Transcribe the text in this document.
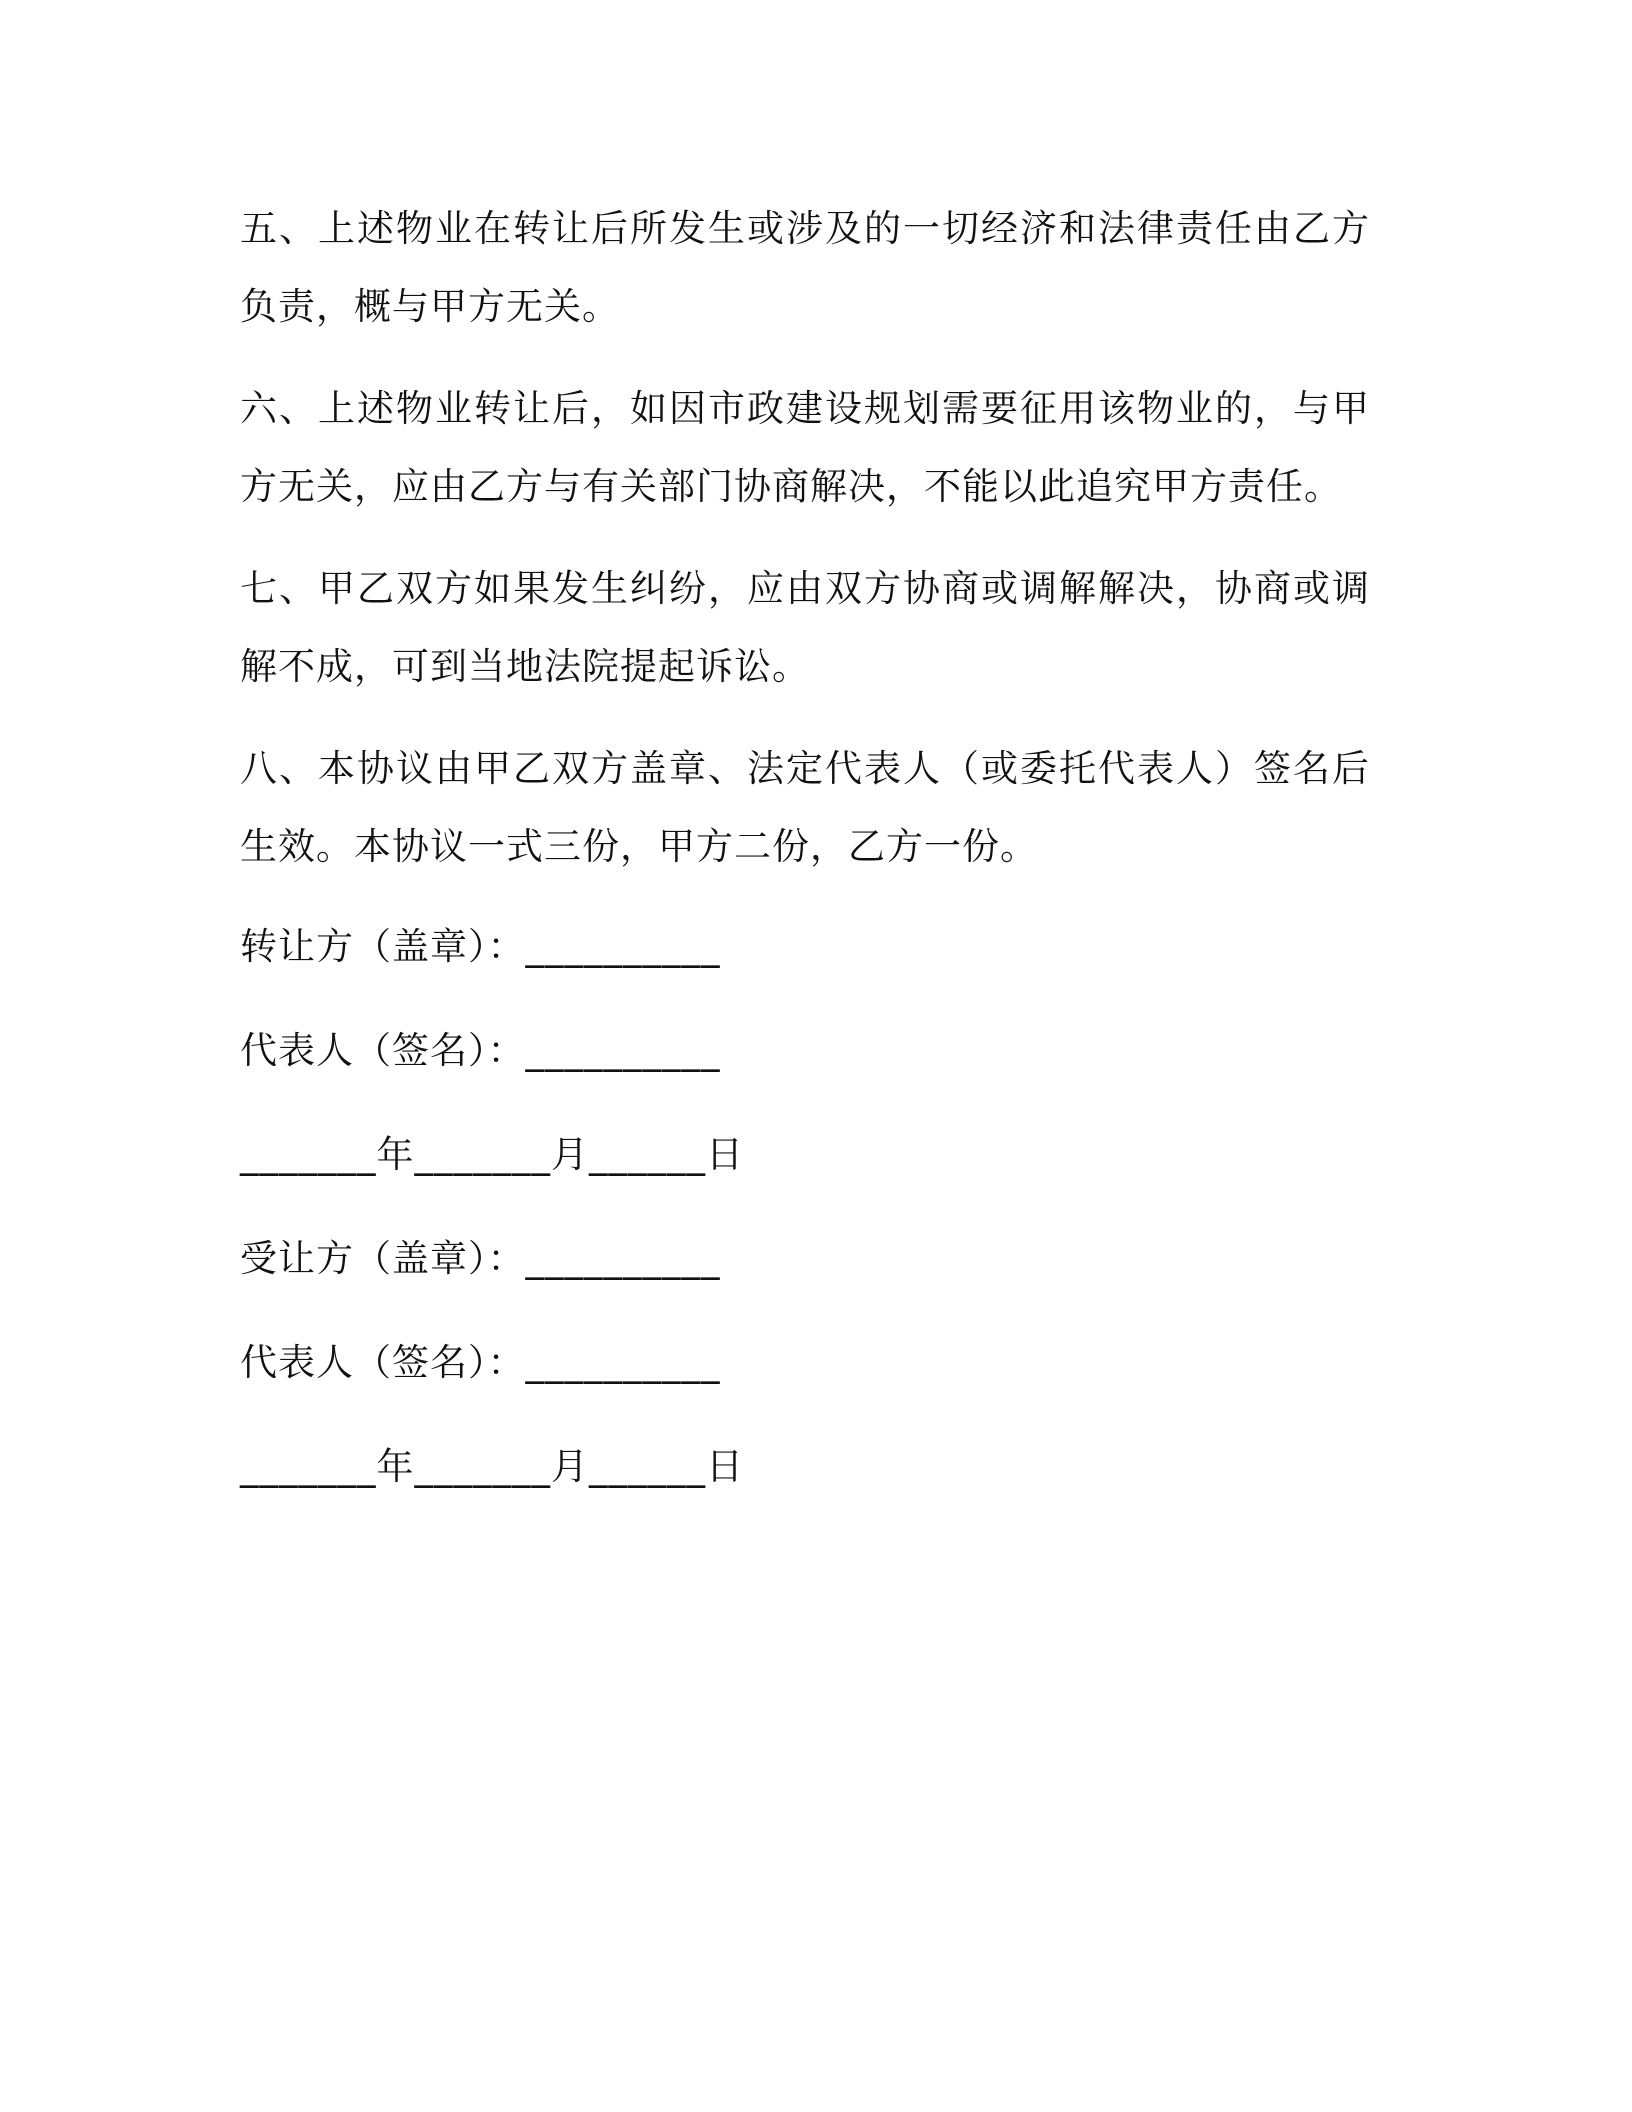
五、上述物业在转让后所发生或涉及的一切经济和法律责任由乙方负责，概与甲方无关。

六、上述物业转让后，如因市政建设规划需要征用该物业的，与甲方无关，应由乙方与有关部门协商解决，不能以此追究甲方责任。

七、甲乙双方如果发生纠纷，应由双方协商或调解解决，协商或调解不成，可到当地法院提起诉讼。

八、本协议由甲乙双方盖章、法定代表人（或委托代表人）签名后生效。本协议一式三份，甲方二份，乙方一份。

转让方（盖章）：__________
代表人（签名）：__________
_______年_______月______日
受让方（盖章）：__________
代表人（签名）：__________
_______年_______月______日
